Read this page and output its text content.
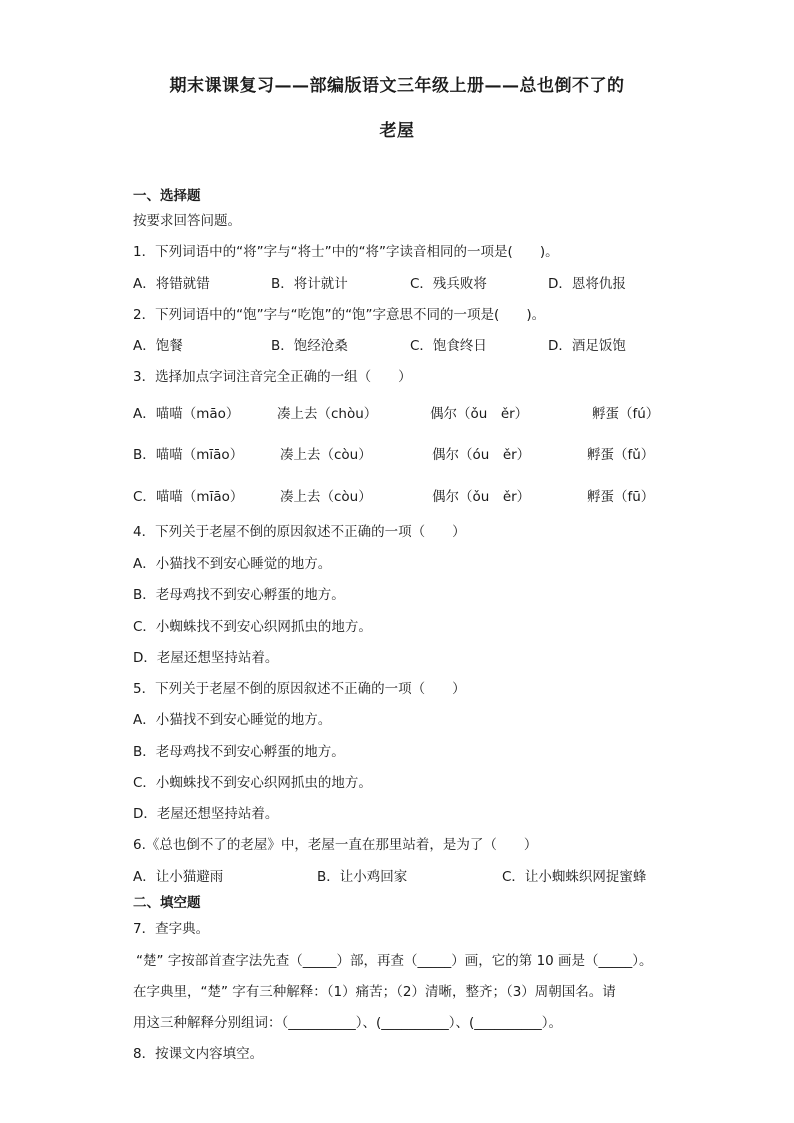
期末课课复习——部编版语文三年级上册——总也倒不了的
老屋
一、选择题
按要求回答问题。
1．下列词语中的“将”字与“将士”中的“将”字读音相同的一项是(　　)。
A．将错就错	B．将计就计	C．残兵败将	D．恩将仇报
2．下列词语中的“饱”字与“吃饱”的“饱”字意思不同的一项是(　　)。
A．饱餐	B．饱经沧桑	C．饱食终日	D．酒足饭饱
3．选择加点字词注音完全正确的一组（　　）
A．喵喵（māo）	凑上去（chòu）	偶尔（ǒu　ěr）	孵蛋（fú）
B．喵喵（mīāo）	凑上去（còu）	偶尔（óu　ěr）	孵蛋（fǔ）
C．喵喵（mīāo）	凑上去（còu）	偶尔（ǒu　ěr）	孵蛋（fū）
4．下列关于老屋不倒的原因叙述不正确的一项（　　）
A．小猫找不到安心睡觉的地方。
B．老母鸡找不到安心孵蛋的地方。
C．小蜘蛛找不到安心织网抓虫的地方。
D．老屋还想坚持站着。
5．下列关于老屋不倒的原因叙述不正确的一项（　　）
A．小猫找不到安心睡觉的地方。
B．老母鸡找不到安心孵蛋的地方。
C．小蜘蛛找不到安心织网抓虫的地方。
D．老屋还想坚持站着。
6.《总也倒不了的老屋》中，老屋一直在那里站着，是为了（　　）
A．让小猫避雨	B．让小鸡回家	C．让小蜘蛛织网捉蜜蜂
二、填空题
7．查字典。
“楚” 字按部首查字法先查（_____）部，再查（_____）画，它的第 10 画是（_____）。
在字典里，“楚” 字有三种解释：（1）痛苦；（2）清晰，整齐；（3）周朝国名。请
用这三种解释分别组词：（__________）、(__________）、(__________）。
8．按课文内容填空。
